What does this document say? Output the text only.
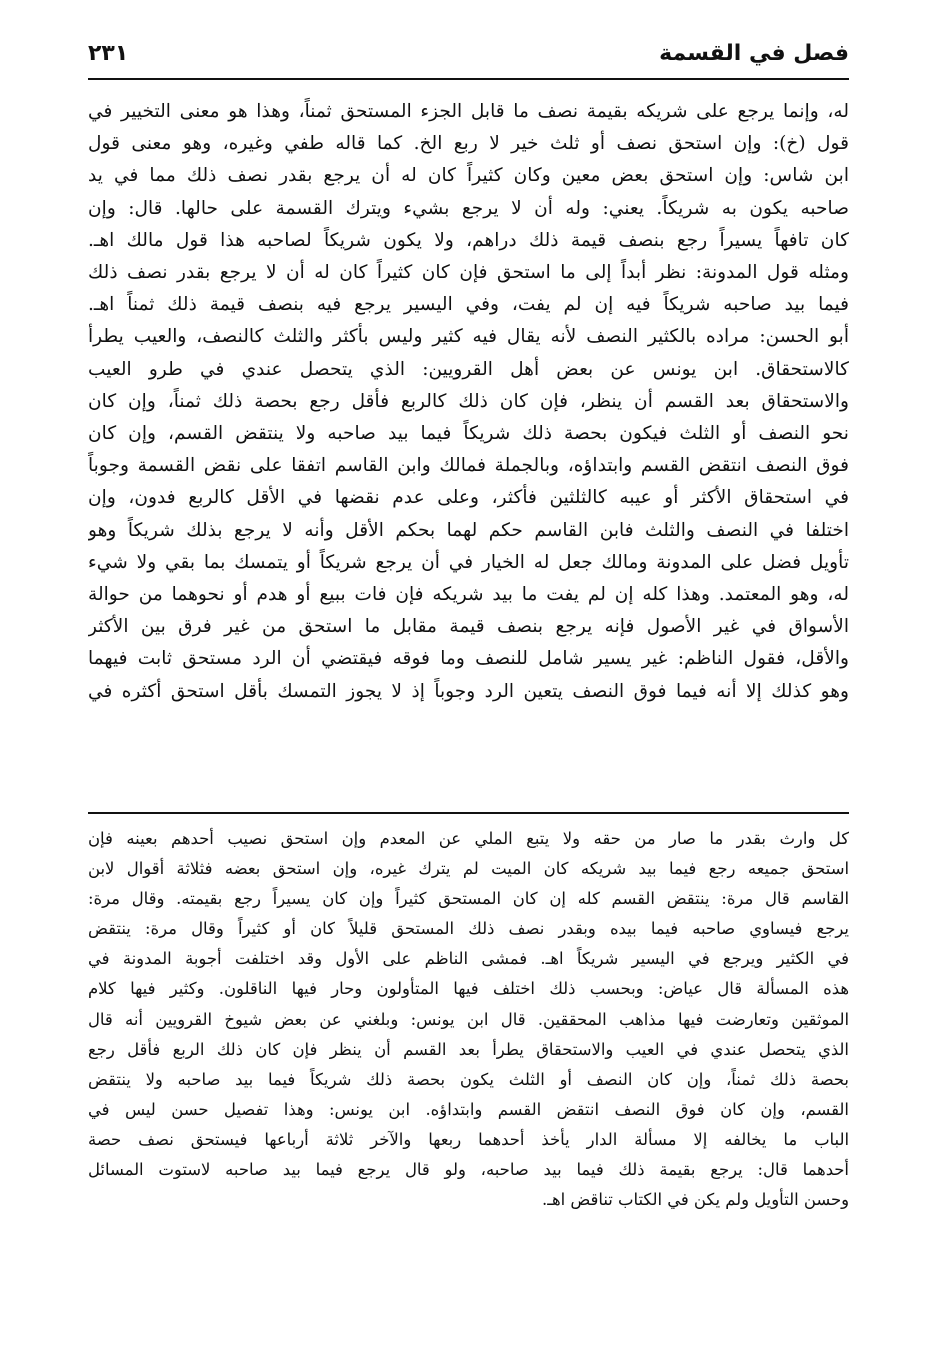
فصل في القسمة
٢٣١
له، وإنما يرجع على شريكه بقيمة نصف ما قابل الجزء المستحق ثمناً، وهذا هو معنى التخيير في
قول (خ): وإن استحق نصف أو ثلث خير لا ربع الخ. كما قاله طفي وغيره، وهو معنى قول
ابن شاس: وإن استحق بعض معين وكان كثيراً كان له أن يرجع بقدر نصف ذلك مما في يد
صاحبه يكون به شريكاً. يعني: وله أن لا يرجع بشيء ويترك القسمة على حالها. قال: وإن
كان تافهاً يسيراً رجع بنصف قيمة ذلك دراهم، ولا يكون شريكاً لصاحبه هذا قول مالك اهـ.
ومثله قول المدونة: نظر أبداً إلى ما استحق فإن كان كثيراً كان له أن لا يرجع بقدر نصف ذلك
فيما بيد صاحبه شريكاً فيه إن لم يفت، وفي اليسير يرجع فيه بنصف قيمة ذلك ثمناً اهـ.
أبو الحسن: مراده بالكثير النصف لأنه يقال فيه كثير وليس بأكثر والثلث كالنصف، والعيب يطرأ
كالاستحقاق. ابن يونس عن بعض أهل القرويين: الذي يتحصل عندي في طرو العيب
والاستحقاق بعد القسم أن ينظر، فإن كان ذلك كالربع فأقل رجع بحصة ذلك ثمناً، وإن كان
نحو النصف أو الثلث فيكون بحصة ذلك شريكاً فيما بيد صاحبه ولا ينتقض القسم، وإن كان
فوق النصف انتقض القسم وابتداؤه، وبالجملة فمالك وابن القاسم اتفقا على نقض القسمة وجوباً
في استحقاق الأكثر أو عيبه كالثلثين فأكثر، وعلى عدم نقضها في الأقل كالربع فدون، وإن
اختلفا في النصف والثلث فابن القاسم حكم لهما بحكم الأقل وأنه لا يرجع بذلك شريكاً وهو
تأويل فضل على المدونة ومالك جعل له الخيار في أن يرجع شريكاً أو يتمسك بما بقي ولا شيء
له، وهو المعتمد. وهذا كله إن لم يفت ما بيد شريكه فإن فات ببيع أو هدم أو نحوهما من حوالة
الأسواق في غير الأصول فإنه يرجع بنصف قيمة مقابل ما استحق من غير فرق بين الأكثر
والأقل، فقول الناظم: غير يسير شامل للنصف وما فوقه فيقتضي أن الرد مستحق ثابت فيهما
وهو كذلك إلا أنه فيما فوق النصف يتعين الرد وجوباً إذ لا يجوز التمسك بأقل استحق أكثره في
كل وارث بقدر ما صار من حقه ولا يتبع الملي عن المعدم وإن استحق نصيب أحدهم بعينه فإن
استحق جميعه رجع فيما بيد شريكه كان الميت لم يترك غيره، وإن استحق بعضه فثلاثة أقوال لابن
القاسم قال مرة: ينتقض القسم كله إن كان المستحق كثيراً وإن كان يسيراً رجع بقيمته. وقال مرة:
يرجع فيساوي صاحبه فيما بيده وبقدر نصف ذلك المستحق قليلاً كان أو كثيراً وقال مرة: ينتقض
في الكثير ويرجع في اليسير شريكاً اهـ. فمشى الناظم على الأول وقد اختلفت أجوبة المدونة في
هذه المسألة قال عياض: وبحسب ذلك اختلف فيها المتأولون وحار فيها الناقلون. وكثير فيها كلام
الموثقين وتعارضت فيها مذاهب المحققين. قال ابن يونس: وبلغني عن بعض شيوخ القرويين أنه قال
الذي يتحصل عندي في العيب والاستحقاق يطرأ بعد القسم أن ينظر فإن كان ذلك الربع فأقل رجع
بحصة ذلك ثمناً، وإن كان النصف أو الثلث يكون بحصة ذلك شريكاً فيما بيد صاحبه ولا ينتقض
القسم، وإن كان فوق النصف انتقض القسم وابتداؤه. ابن يونس: وهذا تفصيل حسن ليس في
الباب ما يخالفه إلا مسألة الدار يأخذ أحدهما ربعها والآخر ثلاثة أرباعها فيستحق نصف حصة
أحدهما قال: يرجع بقيمة ذلك فيما بيد صاحبه، ولو قال يرجع فيما بيد صاحبه لاستوت المسائل
وحسن التأويل ولم يكن في الكتاب تناقض اهـ.
